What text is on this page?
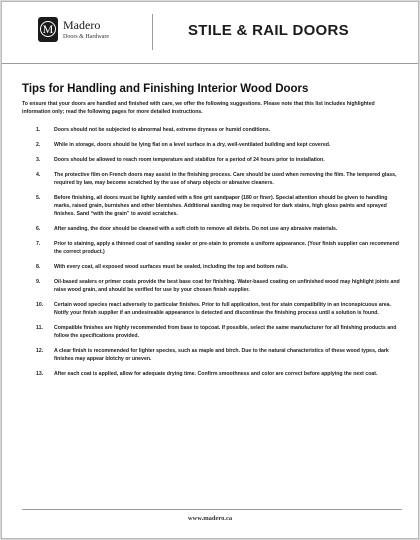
M Madero
Doors & Hardware	STILE & RAIL DOORS
Tips for Handling and Finishing Interior Wood Doors
To ensure that your doors are handled and finished with care, we offer the following suggestions. Please note that this list includes highlighted information only; read the following pages for more detailed instructions.
1.	Doors should not be subjected to abnormal heat, extreme dryness or humid conditions.
2.	While in storage, doors should be lying flat on a level surface in a dry, well-ventilated building and kept covered.
3.	Doors should be allowed to reach room temperature and stabilize for a period of 24 hours prior to installation.
4.	The protective film on French doors may assist in the finishing process. Care should be used when removing the film. The tempered glass, required by law, may become scratched by the use of sharp objects or abrasive cleaners.
5.	Before finishing, all doors must be lightly sanded with a fine grit sandpaper (180 or finer). Special attention should be given to handling marks, raised grain, burnishes and other blemishes. Additional sanding may be required for dark stains, high gloss paints and sprayed finishes. Sand “with the grain” to avoid scratches.
6.	After sanding, the door should be cleaned with a soft cloth to remove all debris. Do not use any abrasive materials.
7.	Prior to staining, apply a thinned coat of sanding sealer or pre-stain to promote a uniform appearance. (Your finish supplier can recommend the correct product.)
8.	With every coat, all exposed wood surfaces must be sealed, including the top and bottom rails.
9.	Oil-based sealers or primer coats provide the best base coat for finishing. Water-based coating on unfinished wood may highlight joints and raise wood grain, and should be verified for use by your chosen finish supplier.
10.	Certain wood species react adversely to particular finishes. Prior to full application, test for stain compatibility in an inconspicuous area. Notify your finish supplier if an undesireable appearance is detected and discontinue the finishing process until a solution is found.
11.	Compatible finishes are highly recommended from base to topcoat. If possible, select the same manufacturer for all finishing products and follow the specifications provided.
12.	A clear finish is recommended for lighter species, such as maple and birch. Due to the natural characteristics of these wood types, dark finishes may appear blotchy or uneven.
13.	After each coat is applied, allow for adequate drying time. Confirm smoothness and color are correct before applying the next coat.
www.madero.ca
